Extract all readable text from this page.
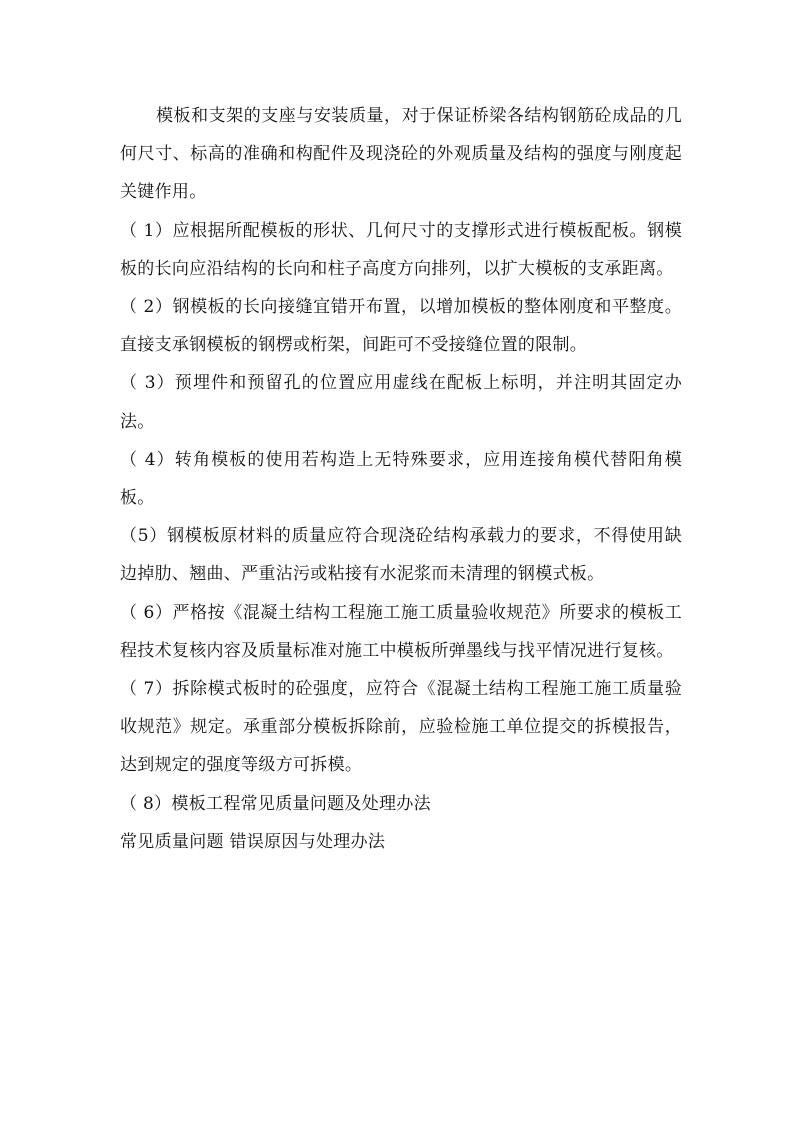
模板和支架的支座与安装质量，对于保证桥梁各结构钢筋砼成品的几何尺寸、标高的准确和构配件及现浇砼的外观质量及结构的强度与刚度起关键作用。

（ 1）应根据所配模板的形状、几何尺寸的支撑形式进行模板配板。钢模板的长向应沿结构的长向和柱子高度方向排列，以扩大模板的支承距离。

（ 2）钢模板的长向接缝宜错开布置，以增加模板的整体刚度和平整度。直接支承钢模板的钢楞或桁架，间距可不受接缝位置的限制。

（ 3）预埋件和预留孔的位置应用虚线在配板上标明，并注明其固定办法。

（ 4）转角模板的使用若构造上无特殊要求，应用连接角模代替阳角模板。

（5）钢模板原材料的质量应符合现浇砼结构承载力的要求，不得使用缺边掉肋、翘曲、严重沾污或粘接有水泥浆而未清理的钢模式板。

（ 6）严格按《混凝土结构工程施工施工质量验收规范》所要求的模板工程技术复核内容及质量标准对施工中模板所弹墨线与找平情况进行复核。

（ 7）拆除模式板时的砼强度，应符合《混凝土结构工程施工施工质量验收规范》规定。承重部分模板拆除前，应验检施工单位提交的拆模报告，达到规定的强度等级方可拆模。

（ 8）模板工程常见质量问题及处理办法

常见质量问题 错误原因与处理办法
